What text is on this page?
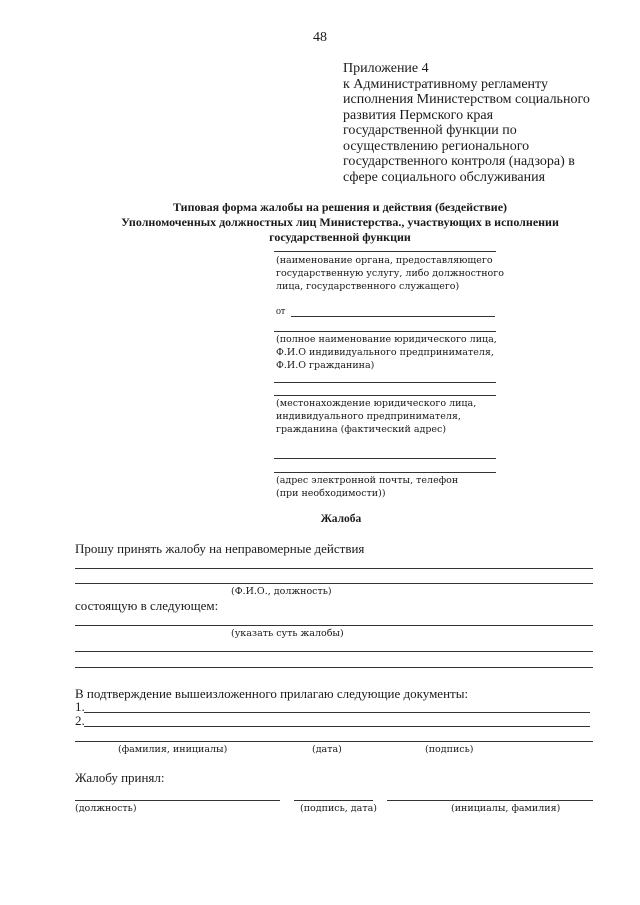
48
Приложение 4
к Административному регламенту
исполнения Министерством социального
развития Пермского края
государственной функции по
осуществлению регионального
государственного контроля (надзора) в
сфере социального обслуживания
Типовая форма жалобы на решения и действия (бездействие)
Уполномоченных должностных лиц Министерства., участвующих в исполнении
государственной функции
(наименование органа, предоставляющего
государственную услугу, либо должностного
лица, государственного служащего)
от
(полное наименование юридического лица,
Ф.И.О индивидуального предпринимателя,
Ф.И.О гражданина)
(местонахождение юридического лица,
индивидуального предпринимателя,
гражданина (фактический адрес)
(адрес электронной почты, телефон
(при необходимости))
Жалоба
Прошу принять жалобу на неправомерные действия
(Ф.И.О., должность)
состоящую в следующем:
(указать суть жалобы)
В подтверждение вышеизложенного прилагаю следующие документы:
1.
2.
(фамилия, инициалы)	(дата)	(подпись)
Жалобу принял:
(должность)	(подпись, дата)	(инициалы, фамилия)
